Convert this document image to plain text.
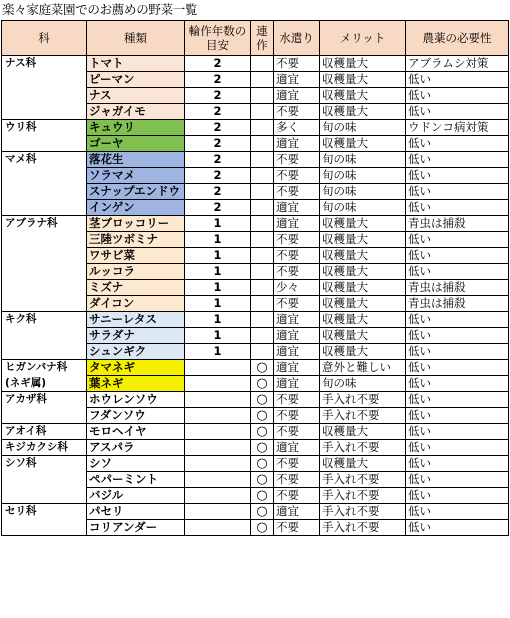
楽々家庭菜園でのお薦めの野菜一覧
科	種類	輪作年数の目安	連作	水遣り	メリット	農薬の必要性
ナス科	トマト	2		不要	収穫量大	アブラムシ対策
	ピーマン	2		適宜	収穫量大	低い
	ナス	2		適宜	収穫量大	低い
	ジャガイモ	2		不要	収穫量大	低い
ウリ科	キュウリ	2		多く	旬の味	ウドンコ病対策
	ゴーヤ	2		適宜	収穫量大	低い
マメ科	落花生	2		不要	旬の味	低い
	ソラマメ	2		不要	旬の味	低い
	スナップエンドウ	2		不要	旬の味	低い
	インゲン	2		適宜	旬の味	低い
アブラナ科	茎ブロッコリー	1		適宜	収穫量大	青虫は捕殺
	三陸ツボミナ	1		不要	収穫量大	低い
	ワサビ菜	1		不要	収穫量大	低い
	ルッコラ	1		不要	収穫量大	低い
	ミズナ	1		少々	収穫量大	青虫は捕殺
	ダイコン	1		不要	収穫量大	青虫は捕殺
キク科	サニーレタス	1		適宜	収穫量大	低い
	サラダナ	1		適宜	収穫量大	低い
	シュンギク	1		適宜	収穫量大	低い
ヒガンバナ科	タマネギ		○	適宜	意外と難しい	低い
(ネギ属)	葉ネギ		○	適宜	旬の味	低い
アカザ科	ホウレンソウ		○	不要	手入れ不要	低い
	フダンソウ		○	不要	手入れ不要	低い
アオイ科	モロヘイヤ		○	不要	収穫量大	低い
キジカクシ科	アスパラ		○	適宜	手入れ不要	低い
シソ科	シソ		○	不要	収穫量大	低い
	ペパーミント		○	不要	手入れ不要	低い
	バジル		○	不要	手入れ不要	低い
セリ科	パセリ		○	適宜	手入れ不要	低い
	コリアンダー		○	不要	手入れ不要	低い
